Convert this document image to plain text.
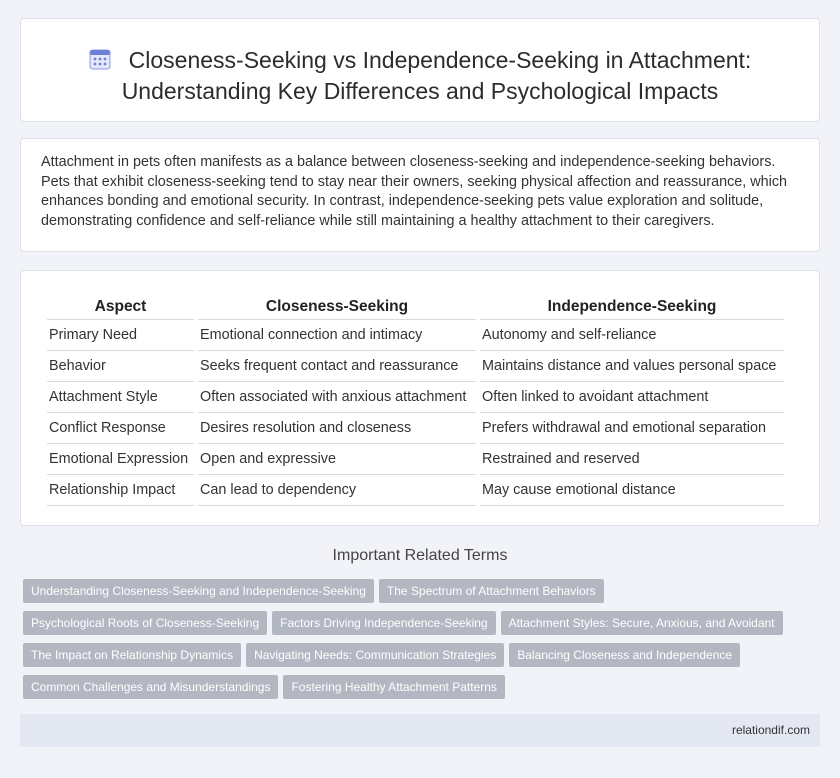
Closeness-Seeking vs Independence-Seeking in Attachment:
Understanding Key Differences and Psychological Impacts

Attachment in pets often manifests as a balance between closeness-seeking and independence-seeking behaviors. Pets that exhibit closeness-seeking tend to stay near their owners, seeking physical affection and reassurance, which enhances bonding and emotional security. In contrast, independence-seeking pets value exploration and solitude, demonstrating confidence and self-reliance while still maintaining a healthy attachment to their caregivers.

Aspect	Closeness-Seeking	Independence-Seeking
Primary Need	Emotional connection and intimacy	Autonomy and self-reliance
Behavior	Seeks frequent contact and reassurance	Maintains distance and values personal space
Attachment Style	Often associated with anxious attachment	Often linked to avoidant attachment
Conflict Response	Desires resolution and closeness	Prefers withdrawal and emotional separation
Emotional Expression	Open and expressive	Restrained and reserved
Relationship Impact	Can lead to dependency	May cause emotional distance
Important Related Terms
Understanding Closeness-Seeking and Independence-Seeking The Spectrum of Attachment Behaviors
Psychological Roots of Closeness-Seeking Factors Driving Independence-Seeking Attachment Styles: Secure, Anxious, and Avoidant
The Impact on Relationship Dynamics Navigating Needs: Communication Strategies Balancing Closeness and Independence
Common Challenges and Misunderstandings Fostering Healthy Attachment Patterns
relationdif.com
